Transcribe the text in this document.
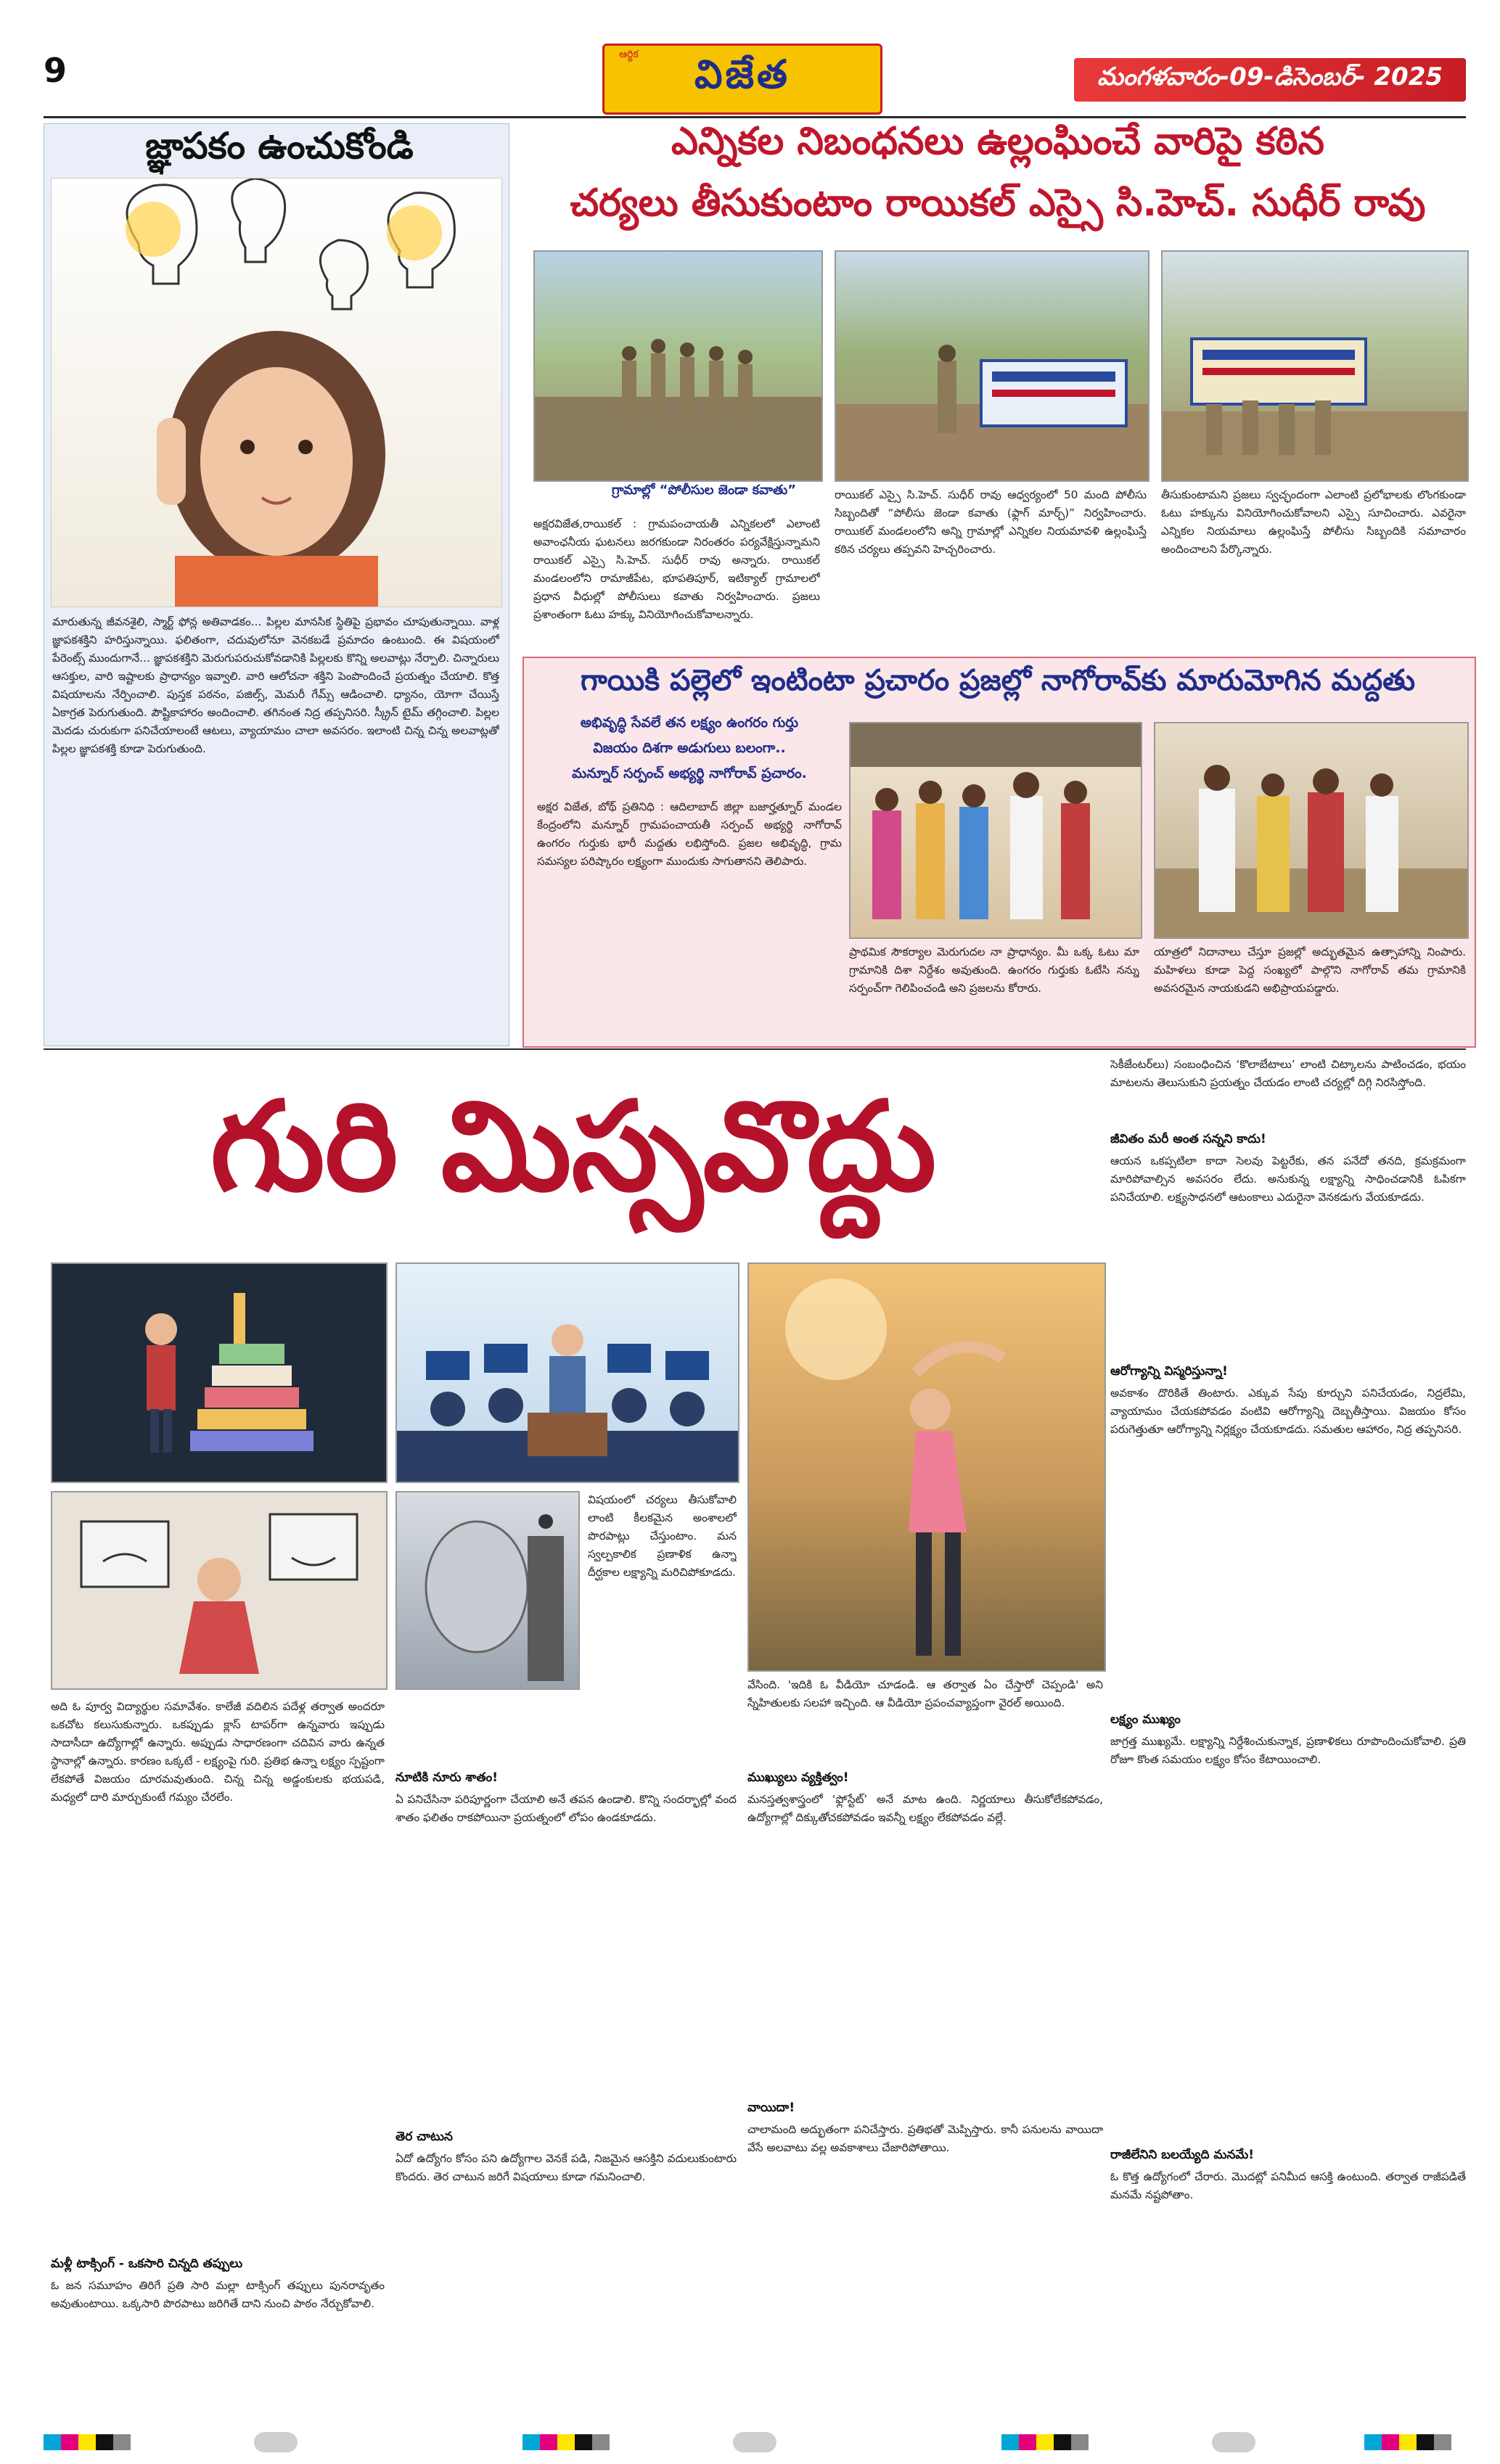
9	ఆర్థిక విజేత	మంగళవారం-09-డిసెంబర్- 2025
జ్ఞాపకం ఉంచుకోండి
మారుతున్న జీవనశైలి, స్మార్ట్ ఫోన్ల అతివాడకం... పిల్లల మానసిక స్థితిపై ప్రభావం చూపుతున్నాయి. వాళ్ల జ్ఞాపకశక్తిని హరిస్తున్నాయి. ఫలితంగా, చదువులోనూ వెనకబడే ప్రమాదం ఉంటుంది. ఈ విషయంలో పేరెంట్స్ ముందుగానే... జ్ఞాపకశక్తిని మెరుగుపరుచుకోవడానికి పిల్లలకు కొన్ని అలవాట్లు నేర్పాలి. చిన్నారులు ఆసక్తుల, వారి ఇష్టాలకు ప్రాధాన్యం ఇవ్వాలి. వారి ఆలోచనా శక్తిని పెంపొందించే ప్రయత్నం చేయాలి. కొత్త విషయాలను నేర్పించాలి. పుస్తక పఠనం, పజిల్స్, మెమరీ గేమ్స్ ఆడించాలి. ధ్యానం, యోగా చేయిస్తే ఏకాగ్రత పెరుగుతుంది. పౌష్టికాహారం అందించాలి. తగినంత నిద్ర తప్పనిసరి. స్క్రీన్ టైమ్ తగ్గించాలి. పిల్లల మెదడు చురుకుగా పనిచేయాలంటే ఆటలు, వ్యాయామం చాలా అవసరం. ఇలాంటి చిన్న చిన్న అలవాట్లతో పిల్లల జ్ఞాపకశక్తి కూడా పెరుగుతుంది.
ఎన్నికల నిబంధనలు ఉల్లంఘించే వారిపై కఠిన
చర్యలు తీసుకుంటాం రాయికల్ ఎస్సై సి.హెచ్. సుధీర్ రావు
గ్రామాల్లో “పోలీసుల జెండా కవాతు”
అక్షరవిజేత,రాయికల్ : గ్రామపంచాయతీ ఎన్నికలలో ఎలాంటి అవాంఛనీయ ఘటనలు జరగకుండా నిరంతరం పర్యవేక్షిస్తున్నామని రాయికల్ ఎస్సై సి.హెచ్. సుధీర్ రావు అన్నారు. రాయికల్ మండలంలోని రామాజీపేట, భూపతిపూర్, ఇటిక్యాల్ గ్రామాలలో ప్రధాన వీధుల్లో పోలీసులు కవాతు నిర్వహించారు. ప్రజలు ప్రశాంతంగా ఓటు హక్కు వినియోగించుకోవాలన్నారు.
రాయికల్ ఎస్సై సి.హెచ్. సుధీర్ రావు ఆధ్వర్యంలో 50 మంది పోలీసు సిబ్బందితో “పోలీసు జెండా కవాతు (ఫ్లాగ్ మార్చ్)” నిర్వహించారు. రాయికల్ మండలంలోని అన్ని గ్రామాల్లో ఎన్నికల నియమావళి ఉల్లంఘిస్తే కఠిన చర్యలు తప్పవని హెచ్చరించారు.
తీసుకుంటామని ప్రజలు స్వచ్ఛందంగా ఎలాంటి ప్రలోభాలకు లొంగకుండా ఓటు హక్కును వినియోగించుకోవాలని ఎస్సై సూచించారు. ఎవరైనా ఎన్నికల నియమాలు ఉల్లంఘిస్తే పోలీసు సిబ్బందికి సమాచారం అందించాలని పేర్కొన్నారు.
గాయికి పల్లెలో ఇంటింటా ప్రచారం ప్రజల్లో నాగోరావ్‌కు మారుమోగిన మద్దతు
అభివృద్ధి సేవలే తన లక్ష్యం ఉంగరం గుర్తు
విజయం దిశగా అడుగులు బలంగా..
మన్నూర్ సర్పంచ్ అభ్యర్థి నాగోరావ్ ప్రచారం.
అక్షర విజేత, బోథ్ ప్రతినిధి : ఆదిలాబాద్ జిల్లా బజార్హత్నూర్ మండల కేంద్రంలోని మన్నూర్ గ్రామపంచాయతీ సర్పంచ్ అభ్యర్థి నాగోరావ్ ఉంగరం గుర్తుకు భారీ మద్దతు లభిస్తోంది. ప్రజల అభివృద్ధి, గ్రామ సమస్యల పరిష్కారం లక్ష్యంగా ముందుకు సాగుతానని తెలిపారు.
ప్రాథమిక సౌకర్యాల మెరుగుదల నా ప్రాధాన్యం. మీ ఒక్క ఓటు మా గ్రామానికి దిశా నిర్దేశం అవుతుంది. ఉంగరం గుర్తుకు ఓటేసి నన్ను సర్పంచ్‌గా గెలిపించండి అని ప్రజలను కోరారు.
యాత్రలో నిదానాలు చేస్తూ ప్రజల్లో అద్భుతమైన ఉత్సాహాన్ని నింపారు. మహిళలు కూడా పెద్ద సంఖ్యలో పాల్గొని నాగోరావ్ తమ గ్రామానికి అవసరమైన నాయకుడని అభిప్రాయపడ్డారు.
గురి మిస్సవొద్దు
సెకీజేంటర్‌లు) సంబంధించిన ‘కొలాబేటాలు’ లాంటి చిట్కాలను పాటించడం, భయం మాటలను తెలుసుకుని ప్రయత్నం చేయడం లాంటి చర్యల్లో దిగ్గి నిరసిస్తోంది.
జీవితం మరీ అంత సన్నని కాదు!
ఆయన ఒకప్పటిలా కాదా సెలవు పెట్టరేకు, తన పనేదో తనది, క్రమక్రమంగా మారిపోవాల్సిన అవసరం లేదు. అనుకున్న లక్ష్యాన్ని సాధించడానికి ఓపికగా పనిచేయాలి. లక్ష్యసాధనలో ఆటంకాలు ఎదురైనా వెనకడుగు వేయకూడదు.
ఆరోగ్యాన్ని విస్మరిస్తున్నా!
అవకాశం దొరికితే తింటారు. ఎక్కువ సేపు కూర్చుని పనిచేయడం, నిద్రలేమి, వ్యాయామం చేయకపోవడం వంటివి ఆరోగ్యాన్ని దెబ్బతీస్తాయి. విజయం కోసం పరుగెత్తుతూ ఆరోగ్యాన్ని నిర్లక్ష్యం చేయకూడదు. సమతుల ఆహారం, నిద్ర తప్పనిసరి.
విషయంలో చర్యలు తీసుకోవాలి లాంటి కీలకమైన అంశాలలో పొరపాట్లు చేస్తుంటాం. మన స్వల్పకాలిక ప్రణాళిక ఉన్నా దీర్ఘకాల లక్ష్యాన్ని మరిచిపోకూడదు.
అది ఓ పూర్వ విద్యార్థుల సమావేశం. కాలేజీ వదిలిన పదేళ్ల తర్వాత అందరూ ఒకచోట కలుసుకున్నారు. ఒకప్పుడు క్లాస్ టాపర్‌గా ఉన్నవారు ఇప్పుడు సాదాసీదా ఉద్యోగాల్లో ఉన్నారు. అప్పుడు సాధారణంగా చదివిన వారు ఉన్నత స్థానాల్లో ఉన్నారు. కారణం ఒక్కటే - లక్ష్యంపై గురి. ప్రతిభ ఉన్నా లక్ష్యం స్పష్టంగా లేకపోతే విజయం దూరమవుతుంది. చిన్న చిన్న అడ్డంకులకు భయపడి, మధ్యలో దారి మార్చుకుంటే గమ్యం చేరలేం.
మళ్లీ టాక్సింగ్ - ఒకసారి చిన్నది తప్పులు
ఓ జన సమూహం తిరిగే ప్రతి సారి మల్లా టాక్సింగ్ తప్పులు పునరావృతం అవుతుంటాయి. ఒక్కసారి పొరపాటు జరిగితే దాని నుంచి పాఠం నేర్చుకోవాలి.
నూటికి నూరు శాతం!
ఏ పనిచేసినా పరిపూర్ణంగా చేయాలి అనే తపన ఉండాలి. కొన్ని సందర్భాల్లో వంద శాతం ఫలితం రాకపోయినా ప్రయత్నంలో లోపం ఉండకూడదు.
తెర చాటున
ఏదో ఉద్యోగం కోసం పని ఉద్యోగాల వెనకే పడి, నిజమైన ఆసక్తిని వదులుకుంటారు కొందరు. తెర చాటున జరిగే విషయాలు కూడా గమనించాలి.
వేసింది. 'ఇదికి ఓ వీడియో చూడండి. ఆ తర్వాత ఏం చేస్తారో చెప్పండి' అని స్నేహితులకు సలహా ఇచ్చింది. ఆ వీడియో ప్రపంచవ్యాప్తంగా వైరల్ అయింది.
ముఖ్యులు వ్యక్తిత్వం!
మనస్తత్వశాస్త్రంలో ‘ఫ్లోస్టేట్’ అనే మాట ఉంది. నిర్ణయాలు తీసుకోలేకపోవడం, ఉద్యోగాల్లో దిక్కుతోచకపోవడం ఇవన్నీ లక్ష్యం లేకపోవడం వల్లే.
వాయిదా!
చాలామంది అద్భుతంగా పనిచేస్తారు. ప్రతిభతో మెప్పిస్తారు. కానీ పనులను వాయిదా వేసే అలవాటు వల్ల అవకాశాలు చేజారిపోతాయి.
లక్ష్యం ముఖ్యం
జాగ్రత్త ముఖ్యమే. లక్ష్యాన్ని నిర్దేశించుకున్నాక, ప్రణాళికలు రూపొందించుకోవాలి. ప్రతి రోజూ కొంత సమయం లక్ష్యం కోసం కేటాయించాలి.
రాజీలేనిని బలయ్యేది మనమే!
ఓ కొత్త ఉద్యోగంలో చేరారు. మొదట్లో పనిమీద ఆసక్తి ఉంటుంది. తర్వాత రాజీపడితే మనమే నష్టపోతాం.
